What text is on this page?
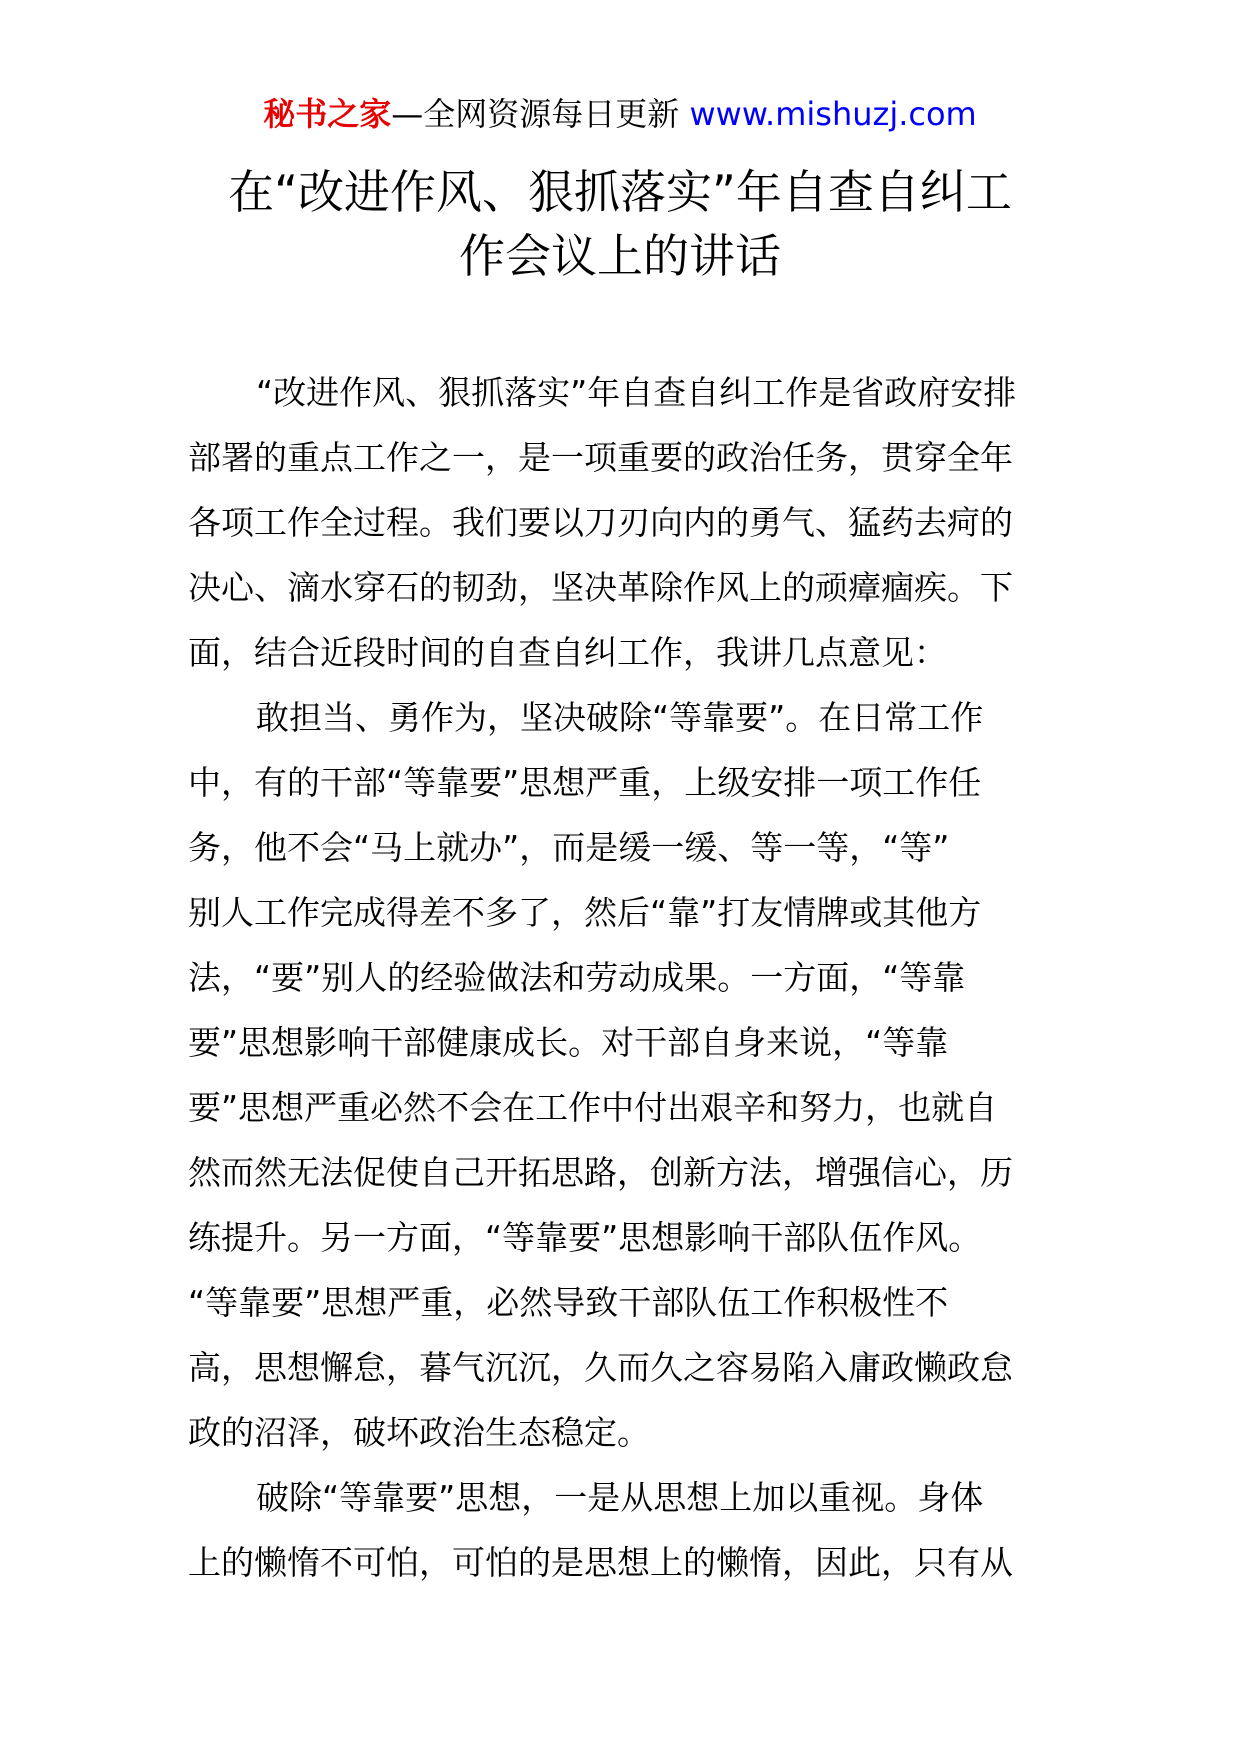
秘书之家—全网资源每日更新 www.mishuzj.com
在“改进作风、狠抓落实”年自查自纠工
作会议上的讲话
“改进作风、狠抓落实”年自查自纠工作是省政府安排
部署的重点工作之一，是一项重要的政治任务，贯穿全年
各项工作全过程。我们要以刀刃向内的勇气、猛药去疴的
决心、滴水穿石的韧劲，坚决革除作风上的顽瘴痼疾。下
面，结合近段时间的自查自纠工作，我讲几点意见：
敢担当、勇作为，坚决破除“等靠要”。在日常工作
中，有的干部“等靠要”思想严重，上级安排一项工作任
务，他不会“马上就办”，而是缓一缓、等一等，“等”
别人工作完成得差不多了，然后“靠”打友情牌或其他方
法，“要”别人的经验做法和劳动成果。一方面，“等靠
要”思想影响干部健康成长。对干部自身来说，“等靠
要”思想严重必然不会在工作中付出艰辛和努力，也就自
然而然无法促使自己开拓思路，创新方法，增强信心，历
练提升。另一方面，“等靠要”思想影响干部队伍作风。
“等靠要”思想严重，必然导致干部队伍工作积极性不
高，思想懈怠，暮气沉沉，久而久之容易陷入庸政懒政怠
政的沼泽，破坏政治生态稳定。
破除“等靠要”思想，一是从思想上加以重视。身体
上的懒惰不可怕，可怕的是思想上的懒惰，因此，只有从
